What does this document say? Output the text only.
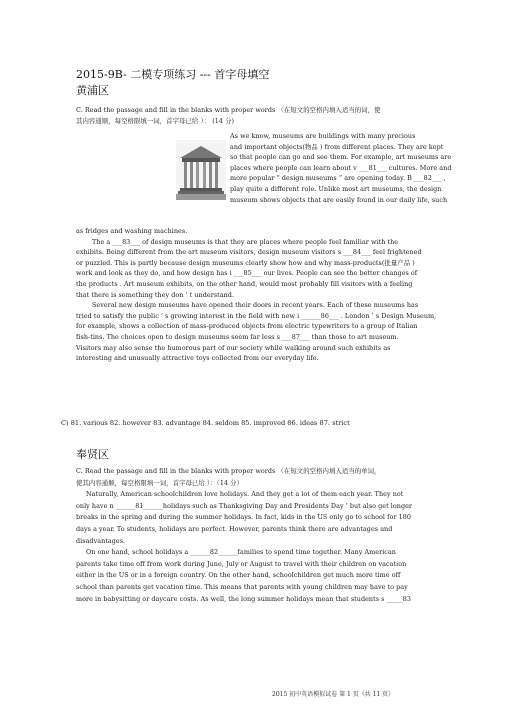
2015-9B- 二模专项练习 --- 首字母填空
黄浦区

C. Read the passage and fill in the blanks with proper words （在短文的空格内填入适当的词，使

其内容通顺，每空格限填一词，首字母已给 ）： (14 分)

As we know, museums are buildings with many precious

and important objects(物品 ) from different places. They are kept

so that people can go and see them. For example, art museums are

places where people can learn about v ___81___ cultures. More and

more popular “ design museums ” are opening today. B ___82___ ,

play quite a different role. Unlike most art museums, the design

museum shows objects that are easily found in our daily life, such

as fridges and washing machines.

The a ___83___ of design museums is that they are places where people feel familiar with the

exhibits. Being different from the art museum visitors, design museum visitors s ___84___ feel frightened

or puzzled. This is partly because design museums clearly show how and why mass-products(批量产品 )

work and look as they do, and how design has i ___85___ our lives. People can see the better changes of

the products . Art museum exhibits, on the other hand, would most probably fill visitors with a feeling

that there is something they don ’ t understand.

Several new design museums have opened their doors in recent years. Each of these museums has

tried to satisfy the public ’ s growing interest in the field with new i ______86___ . London ’ s Design Museum,

for example, shows a collection of mass-produced objects from electric typewriters to a group of Italian

fish-tins. The choices open to design museums seem far less s ___87___ than those to art museum.

Visitors may also sense the humorous part of our society while walking around such exhibits as

interesting and unusually attractive toys collected from our everyday life.

C) 81. various 82. however 83. advantage 84. seldom 85. improved 86. ideas 87. strict
奉贤区

C. Read the passage and fill in the blanks with proper words （在短文的空格内填入适当的单词，

使其内容通顺，每空格限填一词，首字母已给 ）：（14 分）

Naturally, American schoolchildren love holidays. And they get a lot of them each year. They not

only have n ______81______holidays such as Thanksgiving Day and Presidents Day ’ but also get longer

breaks in the spring and during the summer holidays. In fact, kids in the US only go to school for 180

days a year. To students, holidays are perfect. However, parents think there are advantages and

disadvantages.

On one hand, school holidays a ______82______families to spend time together. Many American

parents take time off from work during June, July or August to travel with their children on vacation

either in the US or in a foreign country. On the other hand, schoolchildren get much more time off

school than parents get vacation time. This means that parents with young children may have to pay

more in babysitting or daycare costs. As well, the long summer holidays mean that students s _____83

2015 初中英语模拟试卷 第 1 页（共 11 页）
